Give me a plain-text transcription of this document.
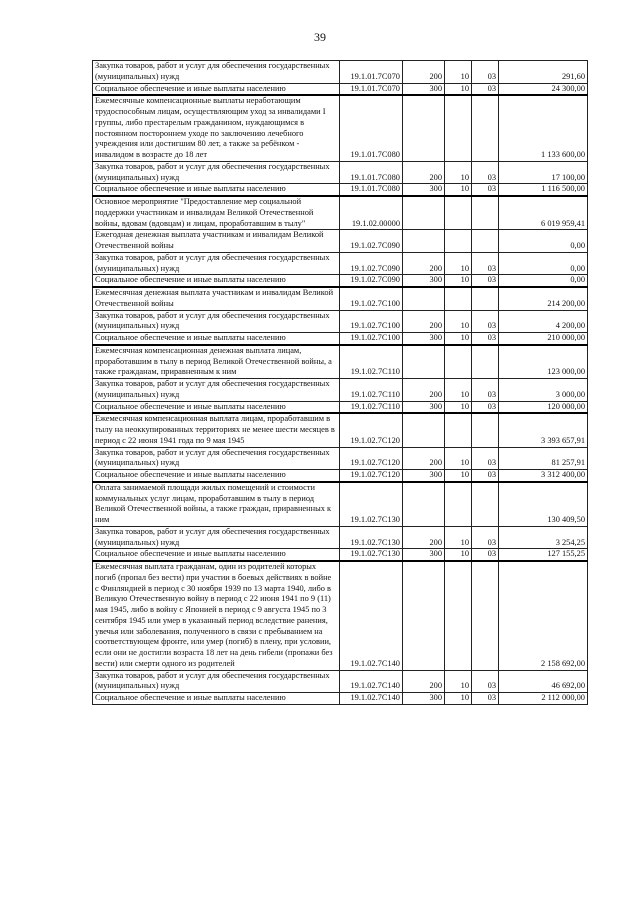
39
Закупка товаров, работ и услуг для обеспечения государственных (муниципальных) нужд	19.1.01.7С070	200	10	03	291,60
Социальное обеспечение и иные выплаты населению	19.1.01.7С070	300	10	03	24 300,00
Ежемесячные компенсационные выплаты неработающим трудоспособным лицам, осуществляющим уход за инвалидами I группы, либо престарелым гражданином, нуждающимся в постоянном постороннем уходе по заключению лечебного учреждения или достигшим 80 лет, а также за ребёнком - инвалидом в возрасте до 18 лет	19.1.01.7С080				1 133 600,00
Закупка товаров, работ и услуг для обеспечения государственных (муниципальных) нужд	19.1.01.7С080	200	10	03	17 100,00
Социальное обеспечение и иные выплаты населению	19.1.01.7С080	300	10	03	1 116 500,00
Основное мероприятие "Предоставление мер социальной поддержки участникам и инвалидам Великой Отечественной войны, вдовам (вдовцам) и лицам, проработавшим в тылу"	19.1.02.00000				6 019 959,41
Ежегодная денежная выплата участникам и инвалидам Великой Отечественной войны	19.1.02.7С090				0,00
Закупка товаров, работ и услуг для обеспечения государственных (муниципальных) нужд	19.1.02.7С090	200	10	03	0,00
Социальное обеспечение и иные выплаты населению	19.1.02.7С090	300	10	03	0,00
Ежемесячная денежная выплата участникам и инвалидам Великой Отечественной войны	19.1.02.7С100				214 200,00
Закупка товаров, работ и услуг для обеспечения государственных (муниципальных) нужд	19.1.02.7С100	200	10	03	4 200,00
Социальное обеспечение и иные выплаты населению	19.1.02.7С100	300	10	03	210 000,00
Ежемесячная компенсационная денежная выплата лицам, проработавшим в тылу в период Великой Отечественной войны, а также гражданам, приравненным к ним	19.1.02.7С110				123 000,00
Закупка товаров, работ и услуг для обеспечения государственных (муниципальных) нужд	19.1.02.7С110	200	10	03	3 000,00
Социальное обеспечение и иные выплаты населению	19.1.02.7С110	300	10	03	120 000,00
Ежемесячная компенсационная выплата лицам, проработавшим в тылу на неоккупированных территориях не менее шести месяцев в период с 22 июня 1941 года по 9 мая 1945	19.1.02.7С120				3 393 657,91
Закупка товаров, работ и услуг для обеспечения государственных (муниципальных) нужд	19.1.02.7С120	200	10	03	81 257,91
Социальное обеспечение и иные выплаты населению	19.1.02.7С120	300	10	03	3 312 400,00
Оплата занимаемой площади жилых помещений и стоимости коммунальных услуг лицам, проработавшим в тылу в период Великой Отечественной войны, а также граждан, приравненных к ним	19.1.02.7С130				130 409,50
Закупка товаров, работ и услуг для обеспечения государственных (муниципальных) нужд	19.1.02.7С130	200	10	03	3 254,25
Социальное обеспечение и иные выплаты населению	19.1.02.7С130	300	10	03	127 155,25
Ежемесячная выплата гражданам, один из родителей которых погиб (пропал без вести) при участии в боевых действиях в войне с Финляндией в период с 30 ноября 1939 по 13 марта 1940, либо в Великую Отечественную войну в период с 22 июня 1941 по 9 (11) мая 1945, либо в войну с Японией в период с 9 августа 1945 по 3 сентября 1945 или умер в указанный период вследствие ранения, увечья или заболевания, полученного в связи с пребыванием на соответствующем фронте, или умер (погиб) в плену, при условии, если они не достигли возраста 18 лет на день гибели (пропажи без вести) или смерти одного из родителей	19.1.02.7С140				2 158 692,00
Закупка товаров, работ и услуг для обеспечения государственных (муниципальных) нужд	19.1.02.7С140	200	10	03	46 692,00
Социальное обеспечение и иные выплаты населению	19.1.02.7С140	300	10	03	2 112 000,00
